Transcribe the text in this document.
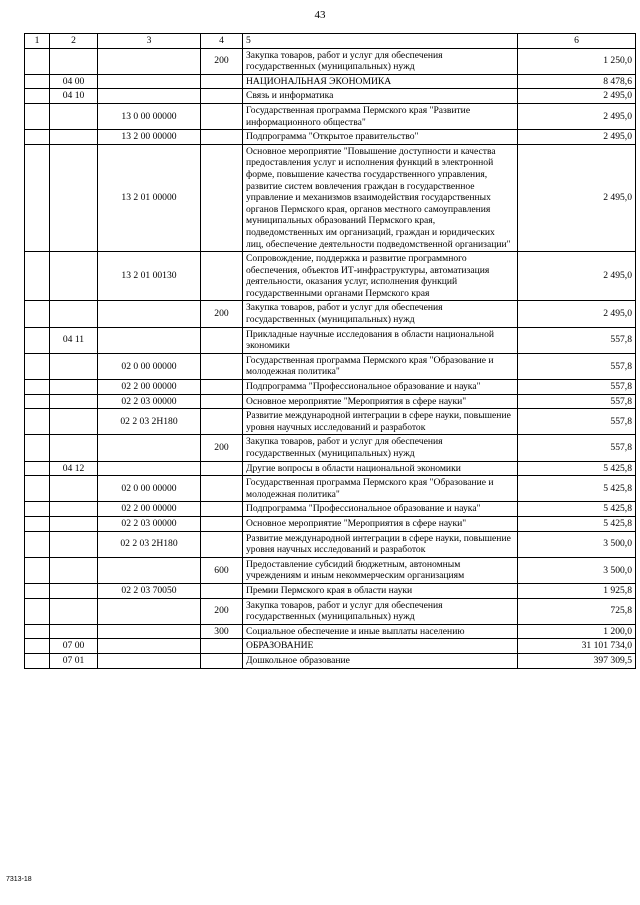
43
1	2	3	4	5	6
			200	Закупка товаров, работ и услуг для обеспечения государственных (муниципальных) нужд	1 250,0
	04 00			НАЦИОНАЛЬНАЯ ЭКОНОМИКА	8 478,6
	04 10			Связь и информатика	2 495,0
		13 0 00 00000		Государственная программа Пермского края "Развитие информационного общества"	2 495,0
		13 2 00 00000		Подпрограмма "Открытое правительство"	2 495,0
		13 2 01 00000		Основное мероприятие "Повышение доступности и качества предоставления услуг и исполнения функций в электронной форме, повышение качества государственного управления, развитие систем вовлечения граждан в государственное управление и механизмов взаимодействия государственных органов Пермского края, органов местного самоуправления муниципальных образований Пермского края, подведомственных им организаций, граждан и юридических лиц, обеспечение деятельности подведомственной организации"	2 495,0
		13 2 01 00130		Сопровождение, поддержка и развитие программного обеспечения, объектов ИТ-инфраструктуры, автоматизация деятельности, оказания услуг, исполнения функций государственными органами Пермского края	2 495,0
			200	Закупка товаров, работ и услуг для обеспечения государственных (муниципальных) нужд	2 495,0
	04 11			Прикладные научные исследования в области национальной экономики	557,8
		02 0 00 00000		Государственная программа Пермского края "Образование и молодежная политика"	557,8
		02 2 00 00000		Подпрограмма "Профессиональное образование и наука"	557,8
		02 2 03 00000		Основное мероприятие "Мероприятия в сфере науки"	557,8
		02 2 03 2Н180		Развитие международной интеграции в сфере науки, повышение уровня научных исследований и разработок	557,8
			200	Закупка товаров, работ и услуг для обеспечения государственных (муниципальных) нужд	557,8
	04 12			Другие вопросы в области национальной экономики	5 425,8
		02 0 00 00000		Государственная программа Пермского края "Образование и молодежная политика"	5 425,8
		02 2 00 00000		Подпрограмма "Профессиональное образование и наука"	5 425,8
		02 2 03 00000		Основное мероприятие "Мероприятия в сфере науки"	5 425,8
		02 2 03 2Н180		Развитие международной интеграции в сфере науки, повышение уровня научных исследований и разработок	3 500,0
			600	Предоставление субсидий бюджетным, автономным учреждениям и иным некоммерческим организациям	3 500,0
		02 2 03 70050		Премии Пермского края в области науки	1 925,8
			200	Закупка товаров, работ и услуг для обеспечения государственных (муниципальных) нужд	725,8
			300	Социальное обеспечение и иные выплаты населению	1 200,0
	07 00			ОБРАЗОВАНИЕ	31 101 734,0
	07 01			Дошкольное образование	397 309,5
7313-18
